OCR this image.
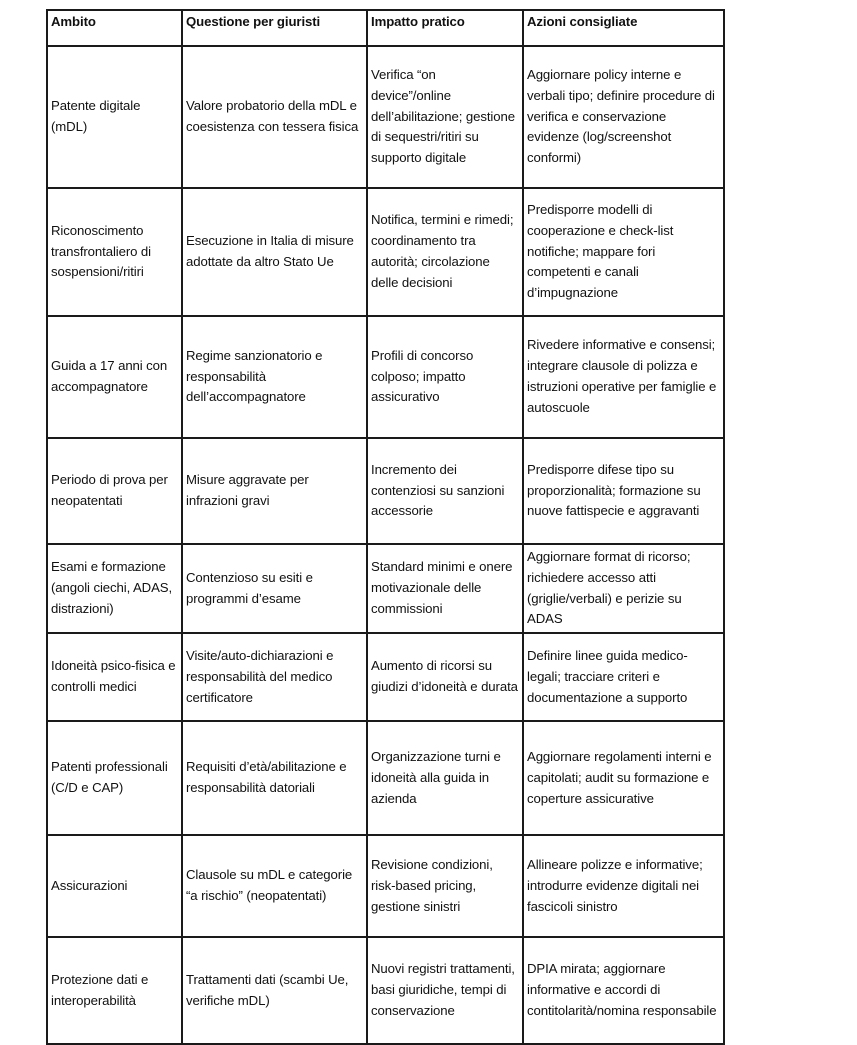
Ambito	Questione per giuristi	Impatto pratico	Azioni consigliate
Patente digitale (mDL)	Valore probatorio della mDL e coesistenza con tessera fisica	Verifica “on device”/online dell’abilitazione; gestione di sequestri/ritiri su supporto digitale	Aggiornare policy interne e verbali tipo; definire procedure di verifica e conservazione evidenze (log/screenshot conformi)
Riconoscimento transfrontaliero di sospensioni/ritiri	Esecuzione in Italia di misure adottate da altro Stato Ue	Notifica, termini e rimedi; coordinamento tra autorità; circolazione delle decisioni	Predisporre modelli di cooperazione e check-list notifiche; mappare fori competenti e canali d’impugnazione
Guida a 17 anni con accompagnatore	Regime sanzionatorio e responsabilità dell’accompagnatore	Profili di concorso colposo; impatto assicurativo	Rivedere informative e consensi; integrare clausole di polizza e istruzioni operative per famiglie e autoscuole
Periodo di prova per neopatentati	Misure aggravate per infrazioni gravi	Incremento dei contenziosi su sanzioni accessorie	Predisporre difese tipo su proporzionalità; formazione su nuove fattispecie e aggravanti
Esami e formazione (angoli ciechi, ADAS, distrazioni)	Contenzioso su esiti e programmi d’esame	Standard minimi e onere motivazionale delle commissioni	Aggiornare format di ricorso; richiedere accesso atti (griglie/verbali) e perizie su ADAS
Idoneità psico-fisica e controlli medici	Visite/auto-dichiarazioni e responsabilità del medico certificatore	Aumento di ricorsi su giudizi d’idoneità e durata	Definire linee guida medico-legali; tracciare criteri e documentazione a supporto
Patenti professionali (C/D e CAP)	Requisiti d’età/abilitazione e responsabilità datoriali	Organizzazione turni e idoneità alla guida in azienda	Aggiornare regolamenti interni e capitolati; audit su formazione e coperture assicurative
Assicurazioni	Clausole su mDL e categorie “a rischio” (neopatentati)	Revisione condizioni, risk-based pricing, gestione sinistri	Allineare polizze e informative; introdurre evidenze digitali nei fascicoli sinistro
Protezione dati e interoperabilità	Trattamenti dati (scambi Ue, verifiche mDL)	Nuovi registri trattamenti, basi giuridiche, tempi di conservazione	DPIA mirata; aggiornare informative e accordi di contitolarità/nomina responsabile
